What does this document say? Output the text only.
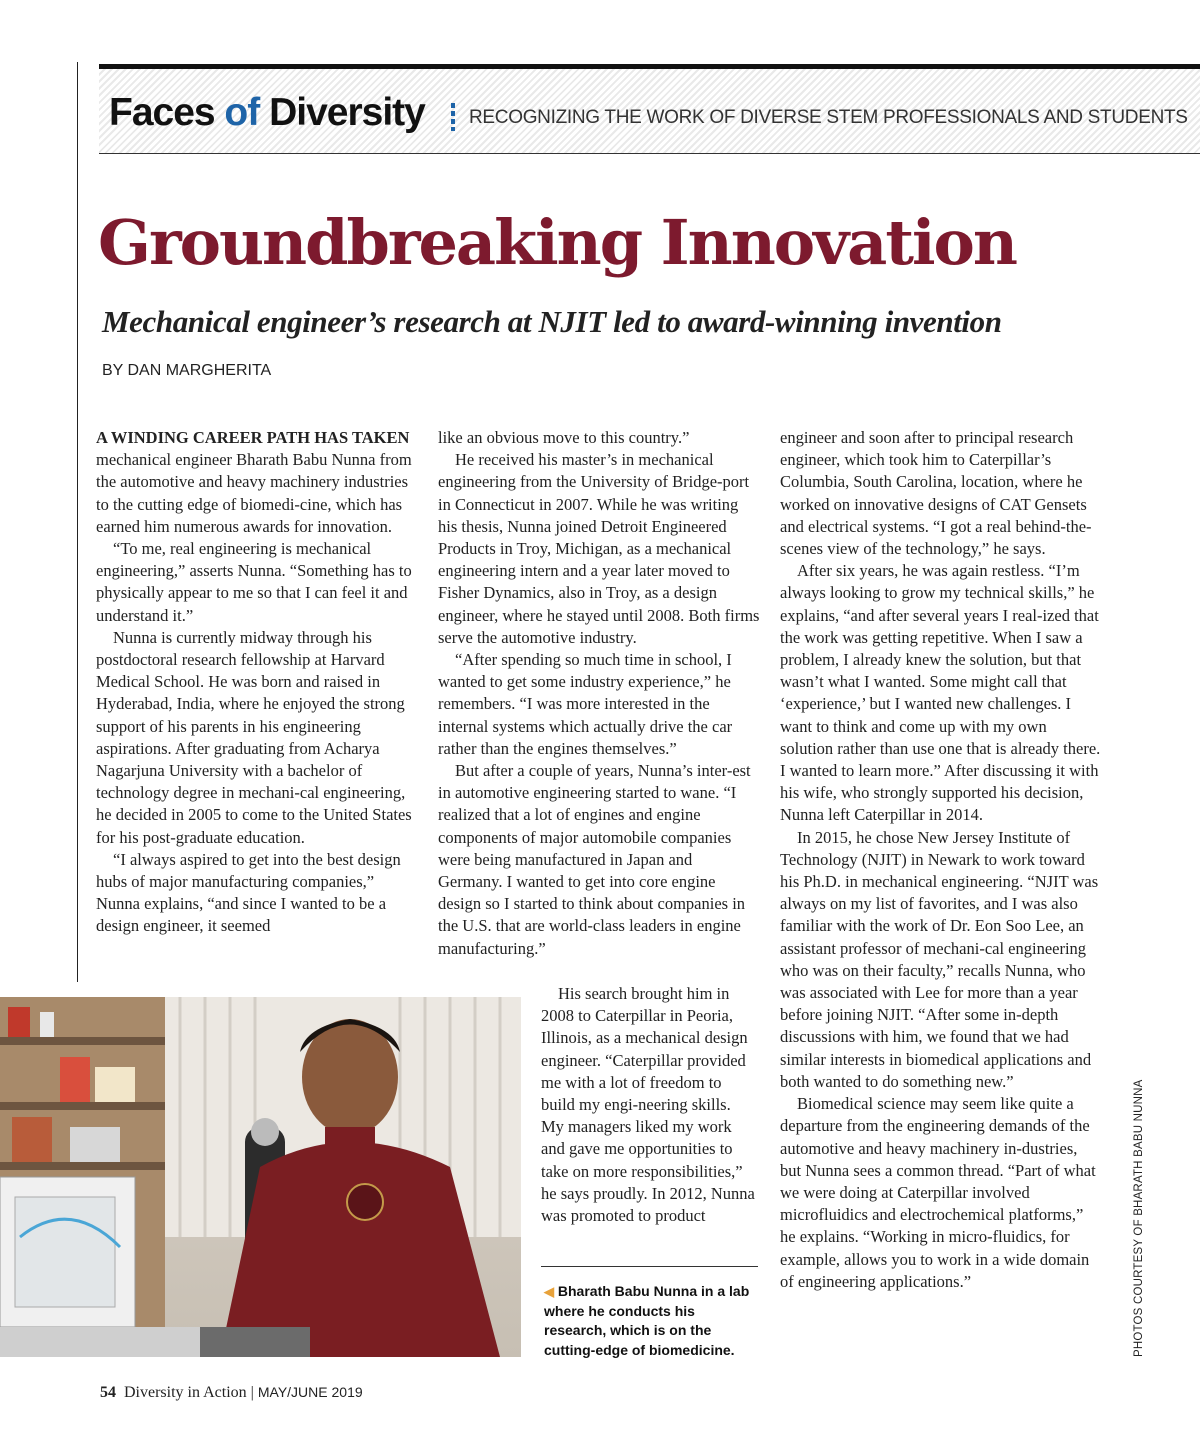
Faces of Diversity RECOGNIZING THE WORK OF DIVERSE STEM PROFESSIONALS AND STUDENTS
Groundbreaking Innovation
Mechanical engineer’s research at NJIT led to award-winning invention
BY DAN MARGHERITA

A WINDING CAREER PATH HAS TAKEN
mechanical engineer Bharath Babu Nunna from the automotive and heavy machinery industries to the cutting edge of biomedi-cine, which has earned him numerous awards for innovation.

“To me, real engineering is mechanical engineering,” asserts Nunna. “Something has to physically appear to me so that I can feel it and understand it.”

Nunna is currently midway through his postdoctoral research fellowship at Harvard Medical School. He was born and raised in Hyderabad, India, where he enjoyed the strong support of his parents in his engineering aspirations. After graduating from Acharya Nagarjuna University with a bachelor of technology degree in mechani-cal engineering, he decided in 2005 to come to the United States for his post-graduate education.

“I always aspired to get into the best design hubs of major manufacturing companies,” Nunna explains, “and since I wanted to be a design engineer, it seemed

like an obvious move to this country.”

He received his master’s in mechanical engineering from the University of Bridge-port in Connecticut in 2007. While he was writing his thesis, Nunna joined Detroit Engineered Products in Troy, Michigan, as a mechanical engineering intern and a year later moved to Fisher Dynamics, also in Troy, as a design engineer, where he stayed until 2008. Both firms serve the automotive industry.

“After spending so much time in school, I wanted to get some industry experience,” he remembers. “I was more interested in the internal systems which actually drive the car rather than the engines themselves.”

But after a couple of years, Nunna’s inter-est in automotive engineering started to wane. “I realized that a lot of engines and engine components of major automobile companies were being manufactured in Japan and Germany. I wanted to get into core engine design so I started to think about companies in the U.S. that are world-class leaders in engine manufacturing.”

His search brought him in 2008 to Caterpillar in Peoria, Illinois, as a mechanical design engineer. “Caterpillar provided me with a lot of freedom to build my engi-neering skills. My managers liked my work and gave me opportunities to take on more responsibilities,” he says proudly. In 2012, Nunna was promoted to product

engineer and soon after to principal research engineer, which took him to Caterpillar’s Columbia, South Carolina, location, where he worked on innovative designs of CAT Gensets and electrical systems. “I got a real behind-the-scenes view of the technology,” he says.

After six years, he was again restless. “I’m always looking to grow my technical skills,” he explains, “and after several years I real-ized that the work was getting repetitive. When I saw a problem, I already knew the solution, but that wasn’t what I wanted. Some might call that ‘experience,’ but I wanted new challenges. I want to think and come up with my own solution rather than use one that is already there. I wanted to learn more.” After discussing it with his wife, who strongly supported his decision, Nunna left Caterpillar in 2014.

In 2015, he chose New Jersey Institute of Technology (NJIT) in Newark to work toward his Ph.D. in mechanical engineering. “NJIT was always on my list of favorites, and I was also familiar with the work of Dr. Eon Soo Lee, an assistant professor of mechani-cal engineering who was on their faculty,” recalls Nunna, who was associated with Lee for more than a year before joining NJIT. “After some in-depth discussions with him, we found that we had similar interests in biomedical applications and both wanted to do something new.”

Biomedical science may seem like quite a departure from the engineering demands of the automotive and heavy machinery in-dustries, but Nunna sees a common thread. “Part of what we were doing at Caterpillar involved microfluidics and electrochemical platforms,” he explains. “Working in micro-fluidics, for example, allows you to work in a wide domain of engineering applications.”

◀ Bharath Babu Nunna in a lab where he conducts his research, which is on the cutting-edge of biomedicine.	PHOTOS COURTESY OF BHARATH BABU NUNNA
54 Diversity in Action | MAY/JUNE 2019
